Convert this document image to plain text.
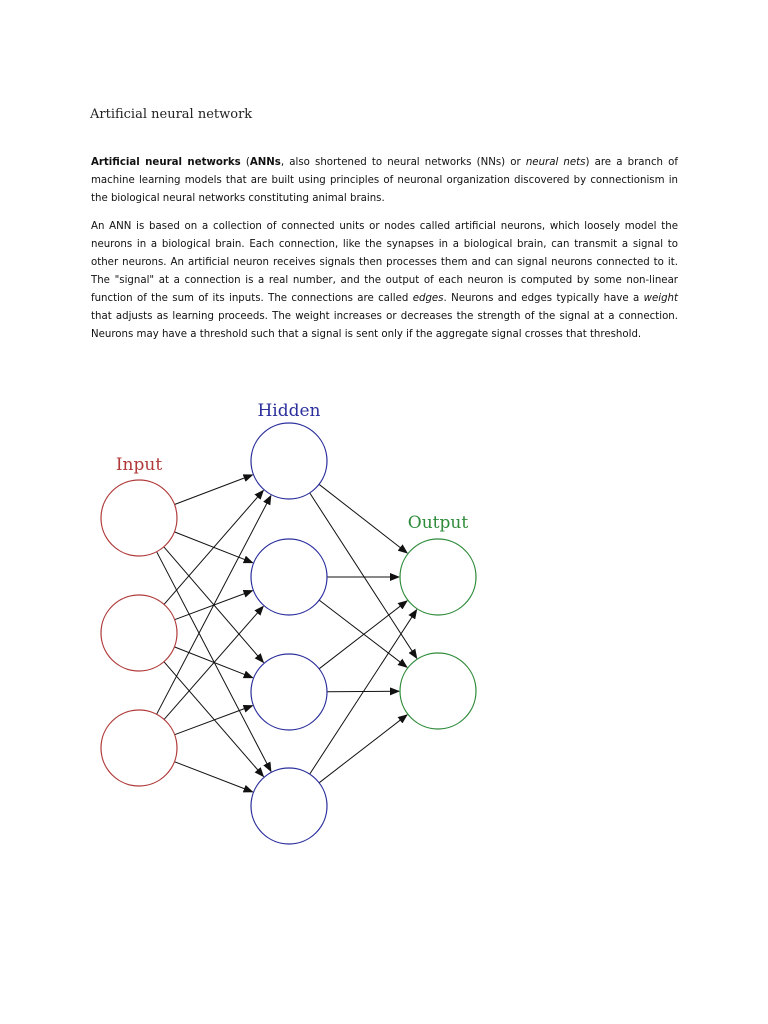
Artificial neural network

Artificial neural networks (ANNs, also shortened to neural networks (NNs) or neural nets) are a branch of machine learning models that are built using principles of neuronal organization discovered by connectionism in the biological neural networks constituting animal brains.

An ANN is based on a collection of connected units or nodes called artificial neurons, which loosely model the neurons in a biological brain. Each connection, like the synapses in a biological brain, can transmit a signal to other neurons. An artificial neuron receives signals then processes them and can signal neurons connected to it. The "signal" at a connection is a real number, and the output of each neuron is computed by some non-linear function of the sum of its inputs. The connections are called edges. Neurons and edges typically have a weight that adjusts as learning proceeds. The weight increases or decreases the strength of the signal at a connection. Neurons may have a threshold such that a signal is sent only if the aggregate signal crosses that threshold.

Input
Hidden
Output
